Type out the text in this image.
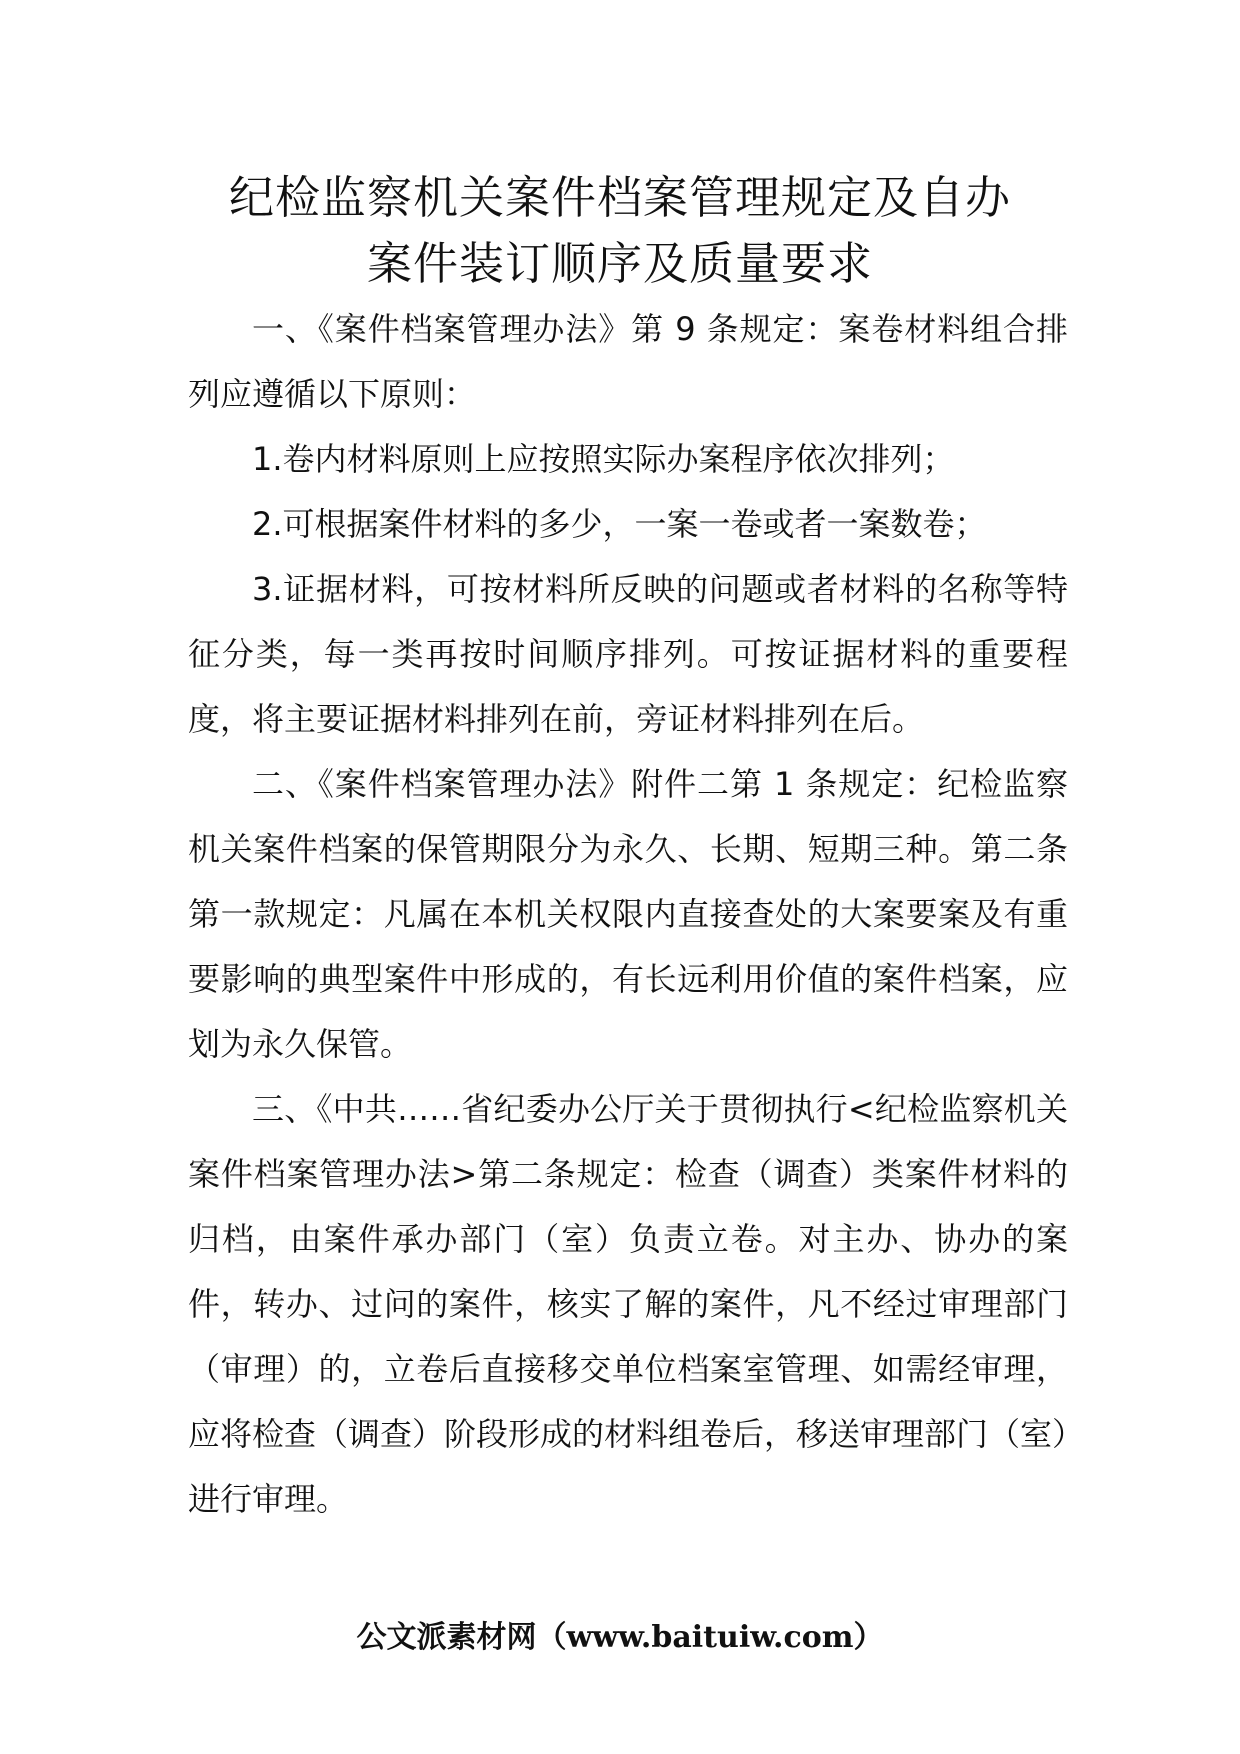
纪检监察机关案件档案管理规定及自办
案件装订顺序及质量要求

一、《案件档案管理办法》第 9 条规定：案卷材料组合排列应遵循以下原则：

1.卷内材料原则上应按照实际办案程序依次排列；

2.可根据案件材料的多少，一案一卷或者一案数卷；

3.证据材料，可按材料所反映的问题或者材料的名称等特征分类，每一类再按时间顺序排列。可按证据材料的重要程度，将主要证据材料排列在前，旁证材料排列在后。

二、《案件档案管理办法》附件二第 1 条规定：纪检监察机关案件档案的保管期限分为永久、长期、短期三种。第二条第一款规定：凡属在本机关权限内直接查处的大案要案及有重要影响的典型案件中形成的，有长远利用价值的案件档案，应划为永久保管。

三、《中共……省纪委办公厅关于贯彻执行<纪检监察机关案件档案管理办法>第二条规定：检查（调查）类案件材料的归档，由案件承办部门（室）负责立卷。对主办、协办的案件，转办、过问的案件，核实了解的案件，凡不经过审理部门（审理）的，立卷后直接移交单位档案室管理、如需经审理，应将检查（调查）阶段形成的材料组卷后，移送审理部门（室）进行审理。

公文派素材网（www.baituiw.com）
